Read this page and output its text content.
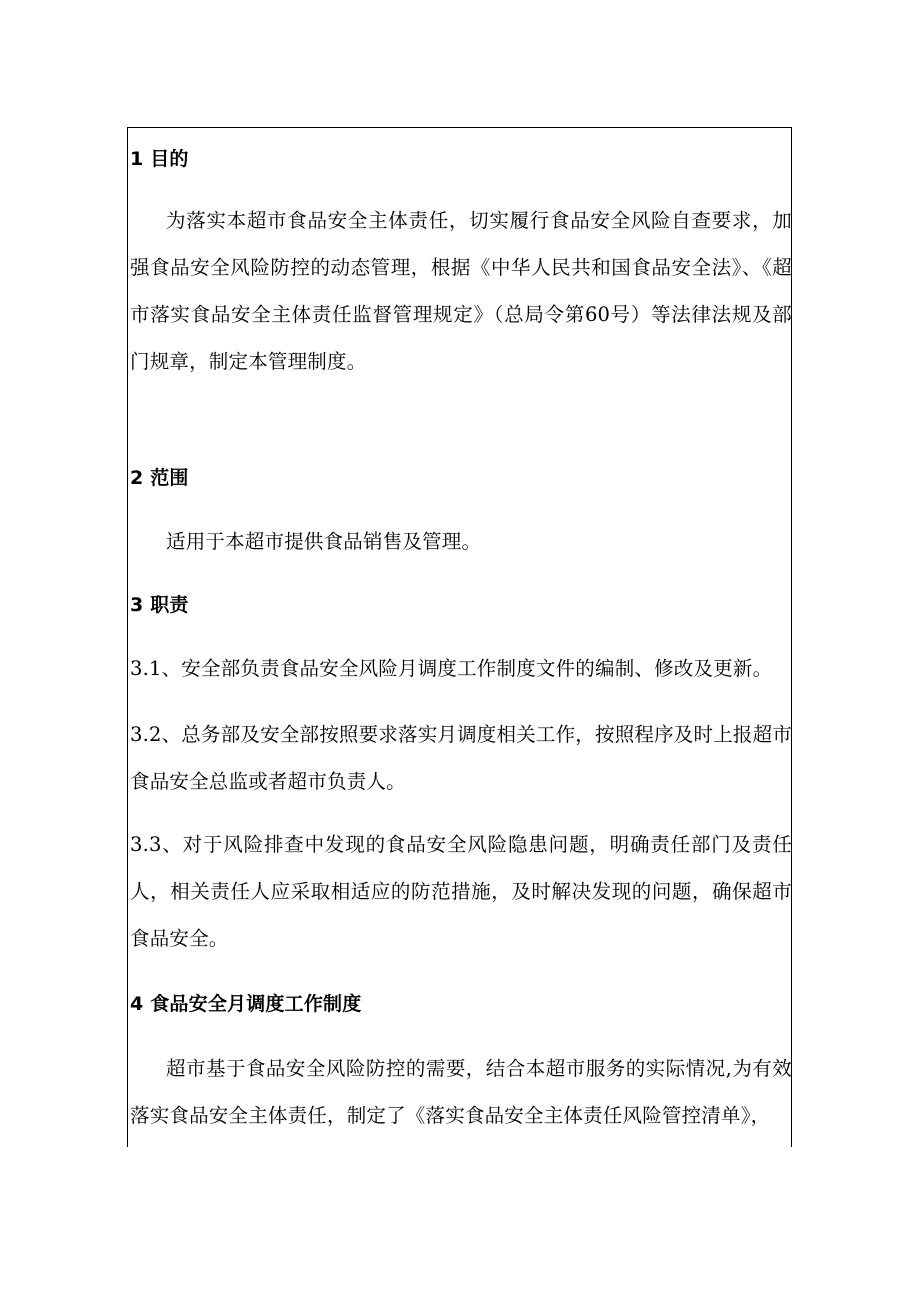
1 目的
为落实本超市食品安全主体责任，切实履行食品安全风险自查要求，加强食品安全风险防控的动态管理，根据《中华人民共和国食品安全法》、《超市落实食品安全主体责任监督管理规定》（总局令第60号）等法律法规及部门规章，制定本管理制度。
2 范围
适用于本超市提供食品销售及管理。
3 职责
3.1、安全部负责食品安全风险月调度工作制度文件的编制、修改及更新。
3.2、总务部及安全部按照要求落实月调度相关工作，按照程序及时上报超市食品安全总监或者超市负责人。
3.3、对于风险排查中发现的食品安全风险隐患问题，明确责任部门及责任人，相关责任人应采取相适应的防范措施，及时解决发现的问题，确保超市食品安全。
4 食品安全月调度工作制度
超市基于食品安全风险防控的需要，结合本超市服务的实际情况,为有效落实食品安全主体责任，制定了《落实食品安全主体责任风险管控清单》，
